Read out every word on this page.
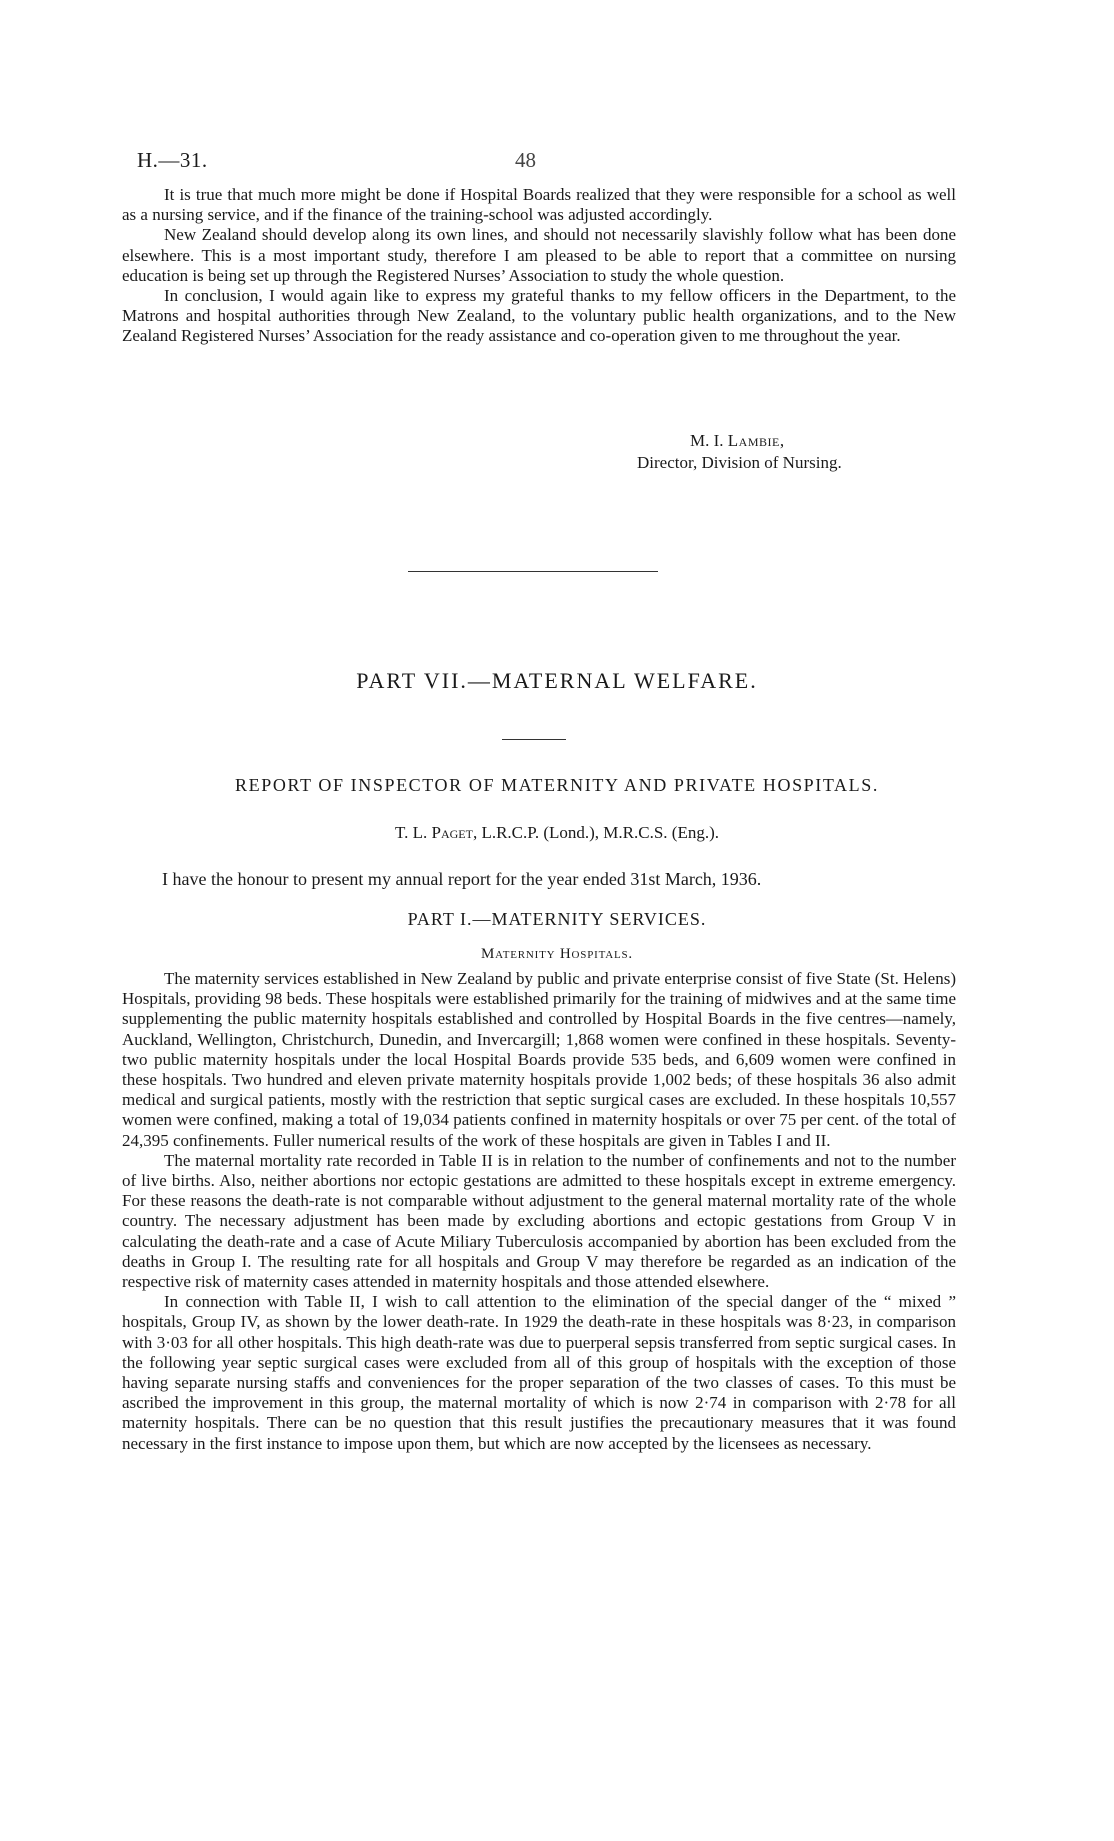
H.—31.	48

It is true that much more might be done if Hospital Boards realized that they were responsible for a school as well as a nursing service, and if the finance of the training-school was adjusted accordingly.

New Zealand should develop along its own lines, and should not necessarily slavishly follow what has been done elsewhere. This is a most important study, therefore I am pleased to be able to report that a committee on nursing education is being set up through the Registered Nurses’ Association to study the whole question.

In conclusion, I would again like to express my grateful thanks to my fellow officers in the Department, to the Matrons and hospital authorities through New Zealand, to the voluntary public health organizations, and to the New Zealand Registered Nurses’ Association for the ready assistance and co-operation given to me throughout the year.

M. I. Lambie,
Director, Division of Nursing.
PART VII.—MATERNAL WELFARE.
REPORT OF INSPECTOR OF MATERNITY AND PRIVATE HOSPITALS.
T. L. Paget, L.R.C.P. (Lond.), M.R.C.S. (Eng.).
I have the honour to present my annual report for the year ended 31st March, 1936.
PART I.—MATERNITY SERVICES.
Maternity Hospitals.

The maternity services established in New Zealand by public and private enterprise consist of five State (St. Helens) Hospitals, providing 98 beds. These hospitals were established primarily for the training of midwives and at the same time supplementing the public maternity hospitals established and controlled by Hospital Boards in the five centres—namely, Auckland, Wellington, Christchurch, Dunedin, and Invercargill; 1,868 women were confined in these hospitals. Seventy-two public maternity hospitals under the local Hospital Boards provide 535 beds, and 6,609 women were confined in these hospitals. Two hundred and eleven private maternity hospitals provide 1,002 beds; of these hospitals 36 also admit medical and surgical patients, mostly with the restriction that septic surgical cases are excluded. In these hospitals 10,557 women were confined, making a total of 19,034 patients confined in maternity hospitals or over 75 per cent. of the total of 24,395 confinements. Fuller numerical results of the work of these hospitals are given in Tables I and II.

The maternal mortality rate recorded in Table II is in relation to the number of confinements and not to the number of live births. Also, neither abortions nor ectopic gestations are admitted to these hospitals except in extreme emergency. For these reasons the death-rate is not comparable without adjustment to the general maternal mortality rate of the whole country. The necessary adjustment has been made by excluding abortions and ectopic gestations from Group V in calculating the death-rate and a case of Acute Miliary Tuberculosis accompanied by abortion has been excluded from the deaths in Group I. The resulting rate for all hospitals and Group V may therefore be regarded as an indication of the respective risk of maternity cases attended in maternity hospitals and those attended elsewhere.

In connection with Table II, I wish to call attention to the elimination of the special danger of the “ mixed ” hospitals, Group IV, as shown by the lower death-rate. In 1929 the death-rate in these hospitals was 8·23, in comparison with 3·03 for all other hospitals. This high death-rate was due to puerperal sepsis transferred from septic surgical cases. In the following year septic surgical cases were excluded from all of this group of hospitals with the exception of those having separate nursing staffs and conveniences for the proper separation of the two classes of cases. To this must be ascribed the improvement in this group, the maternal mortality of which is now 2·74 in comparison with 2·78 for all maternity hospitals. There can be no question that this result justifies the precautionary measures that it was found necessary in the first instance to impose upon them, but which are now accepted by the licensees as necessary.
